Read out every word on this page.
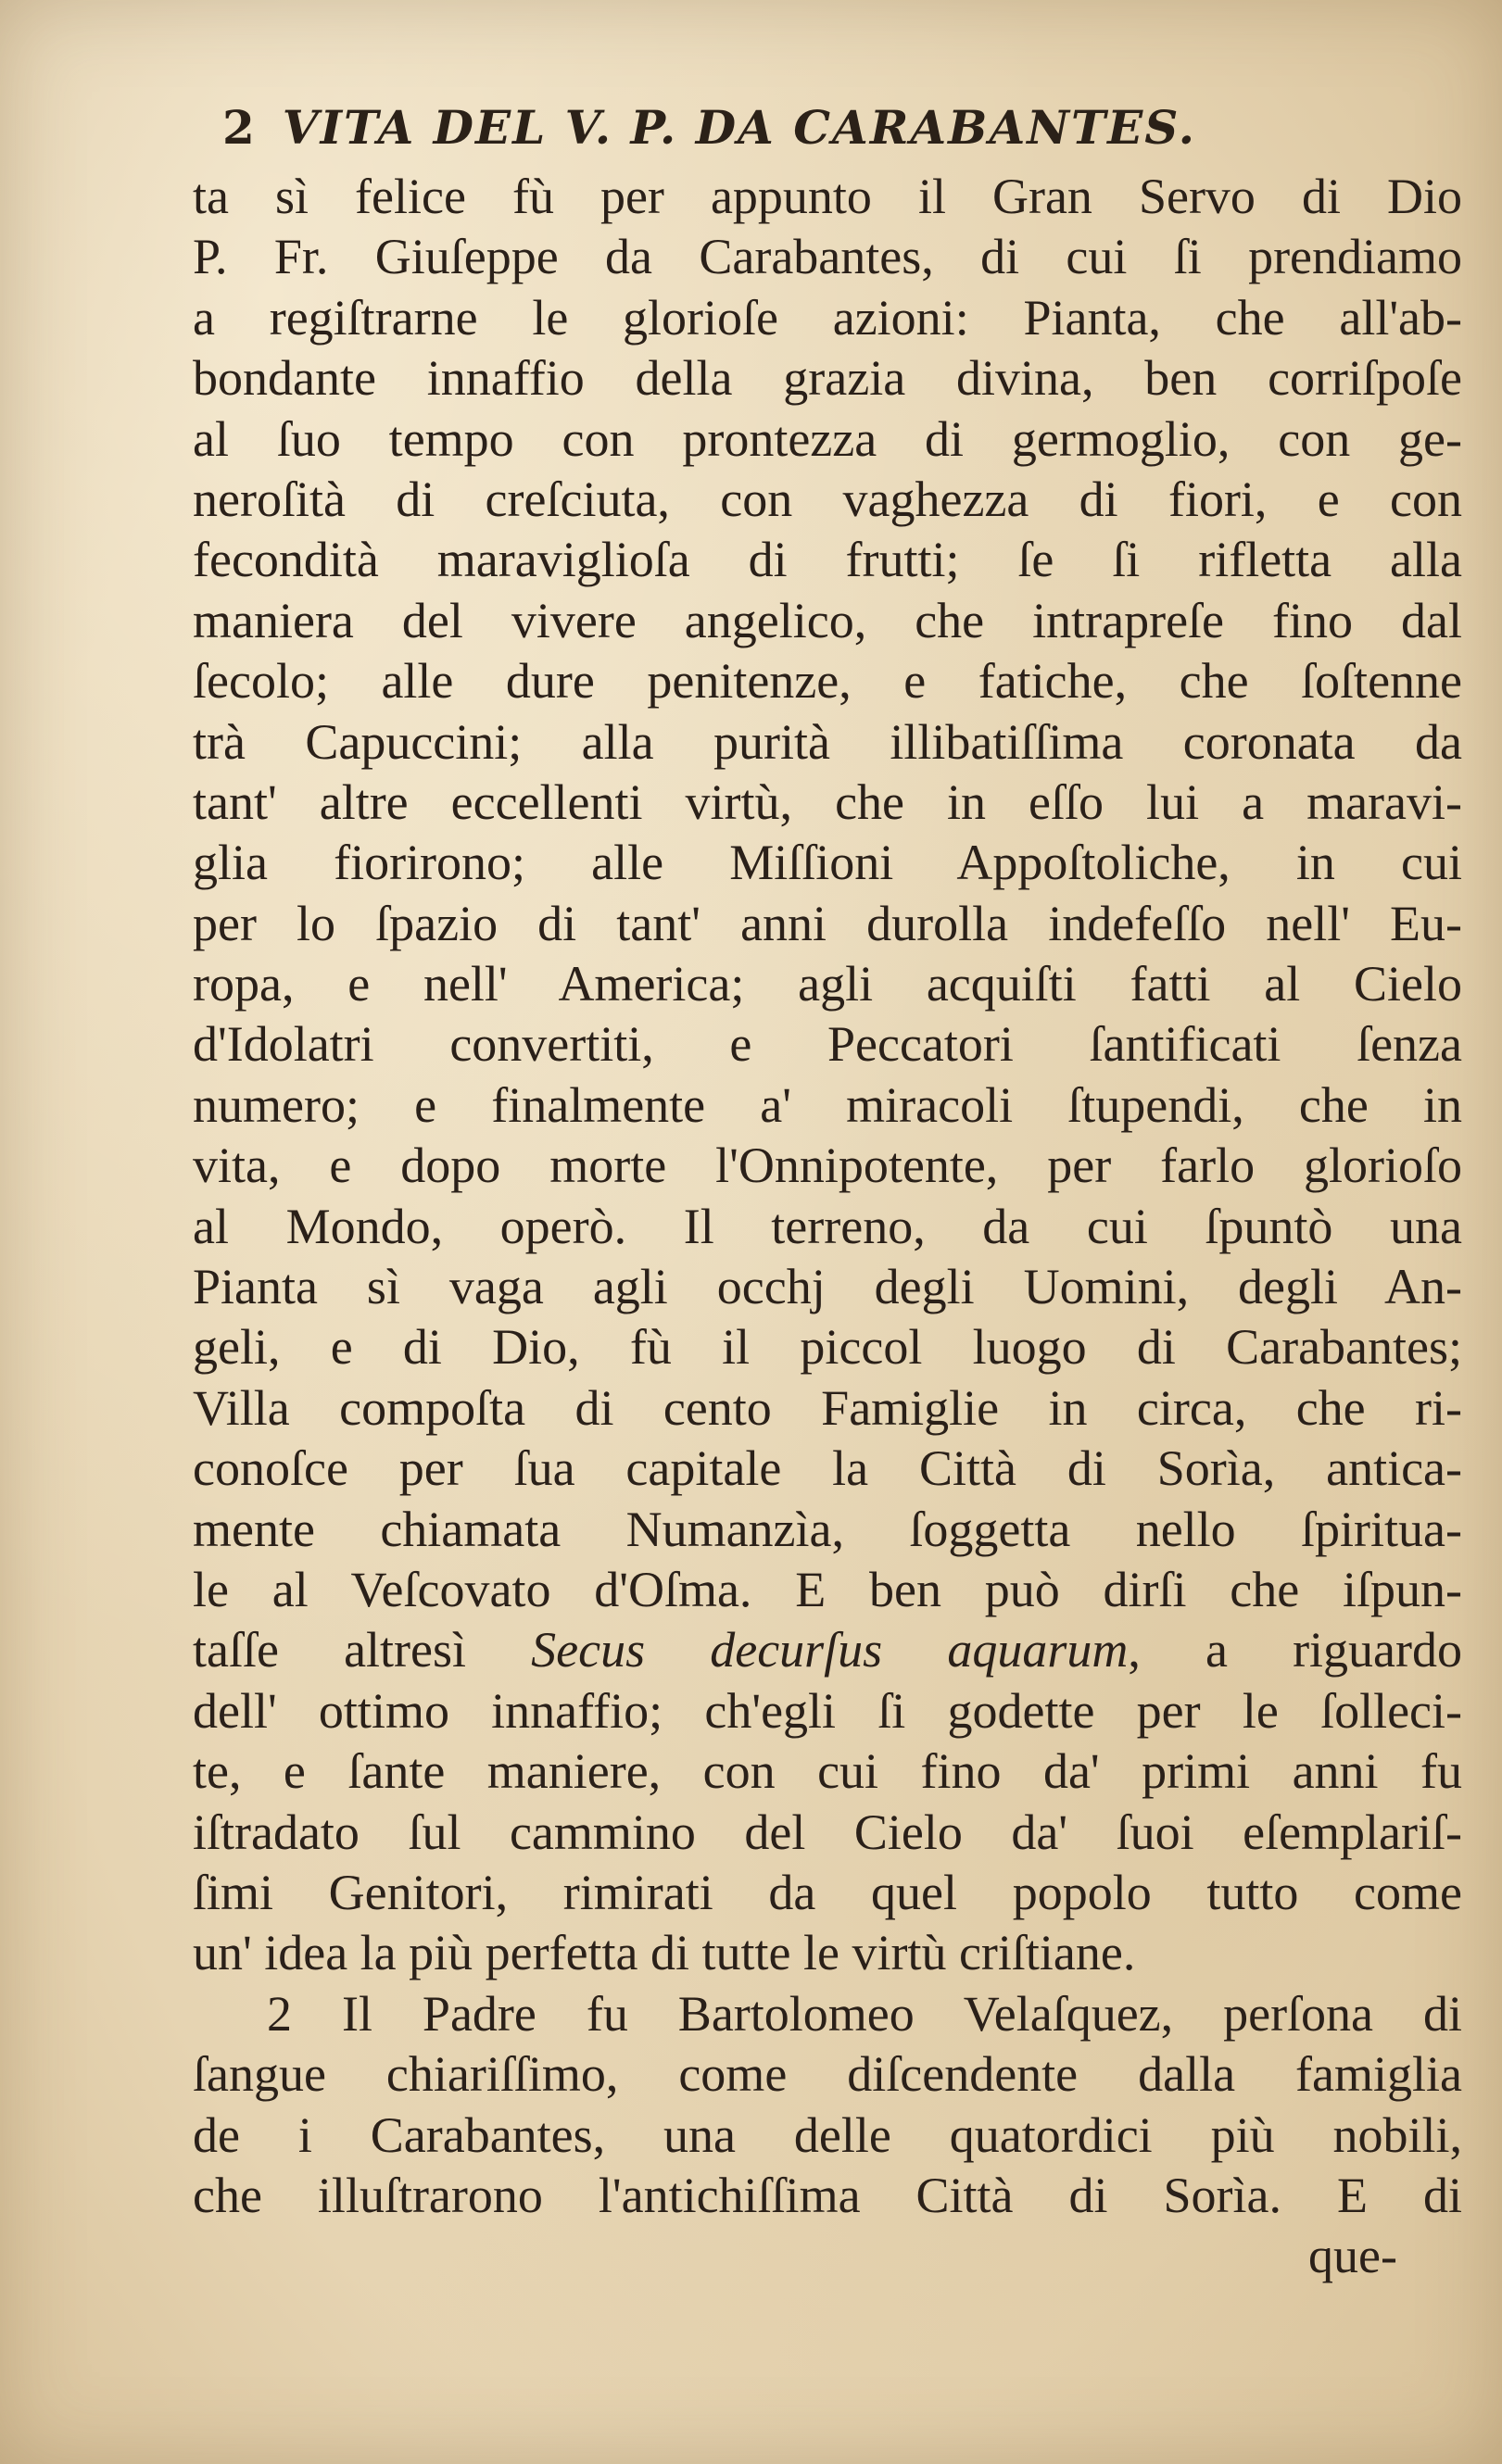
2 VITA DEL V. P. DA CARABANTES.
ta sì felice fù per appunto il Gran Servo di Dio
P. Fr. Giuſeppe da Carabantes, di cui ſi prendiamo
a regiſtrarne le glorioſe azioni: Pianta, che all'ab-
bondante innaffio della grazia divina, ben corriſpoſe
al ſuo tempo con prontezza di germoglio, con ge-
neroſità di creſciuta, con vaghezza di fiori, e con
fecondità maraviglioſa di frutti; ſe ſi rifletta alla
maniera del vivere angelico, che intrapreſe fino dal
ſecolo; alle dure penitenze, e fatiche, che ſoſtenne
trà Capuccini; alla purità illibatiſſima coronata da
tant' altre eccellenti virtù, che in eſſo lui a maravi-
glia fiorirono; alle Miſſioni Appoſtoliche, in cui
per lo ſpazio di tant' anni durolla indefeſſo nell' Eu-
ropa, e nell' America; agli acquiſti fatti al Cielo
d'Idolatri convertiti, e Peccatori ſantificati ſenza
numero; e finalmente a' miracoli ſtupendi, che in
vita, e dopo morte l'Onnipotente, per farlo glorioſo
al Mondo, operò. Il terreno, da cui ſpuntò una
Pianta sì vaga agli occhj degli Uomini, degli An-
geli, e di Dio, fù il piccol luogo di Carabantes;
Villa compoſta di cento Famiglie in circa, che ri-
conoſce per ſua capitale la Città di Sorìa, antica-
mente chiamata Numanzìa, ſoggetta nello ſpiritua-
le al Veſcovato d'Oſma. E ben può dirſi che iſpun-
taſſe altresì Secus decurſus aquarum, a riguardo
dell' ottimo innaffio; ch'egli ſi godette per le ſolleci-
te, e ſante maniere, con cui fino da' primi anni fu
iſtradato ſul cammino del Cielo da' ſuoi eſemplariſ-
ſimi Genitori, rimirati da quel popolo tutto come
un' idea la più perfetta di tutte le virtù criſtiane.
2 Il Padre fu Bartolomeo Velaſquez, perſona di
ſangue chiariſſimo, come diſcendente dalla famiglia
de i Carabantes, una delle quatordici più nobili,
che illuſtrarono l'antichiſſima Città di Sorìa. E di
que-
